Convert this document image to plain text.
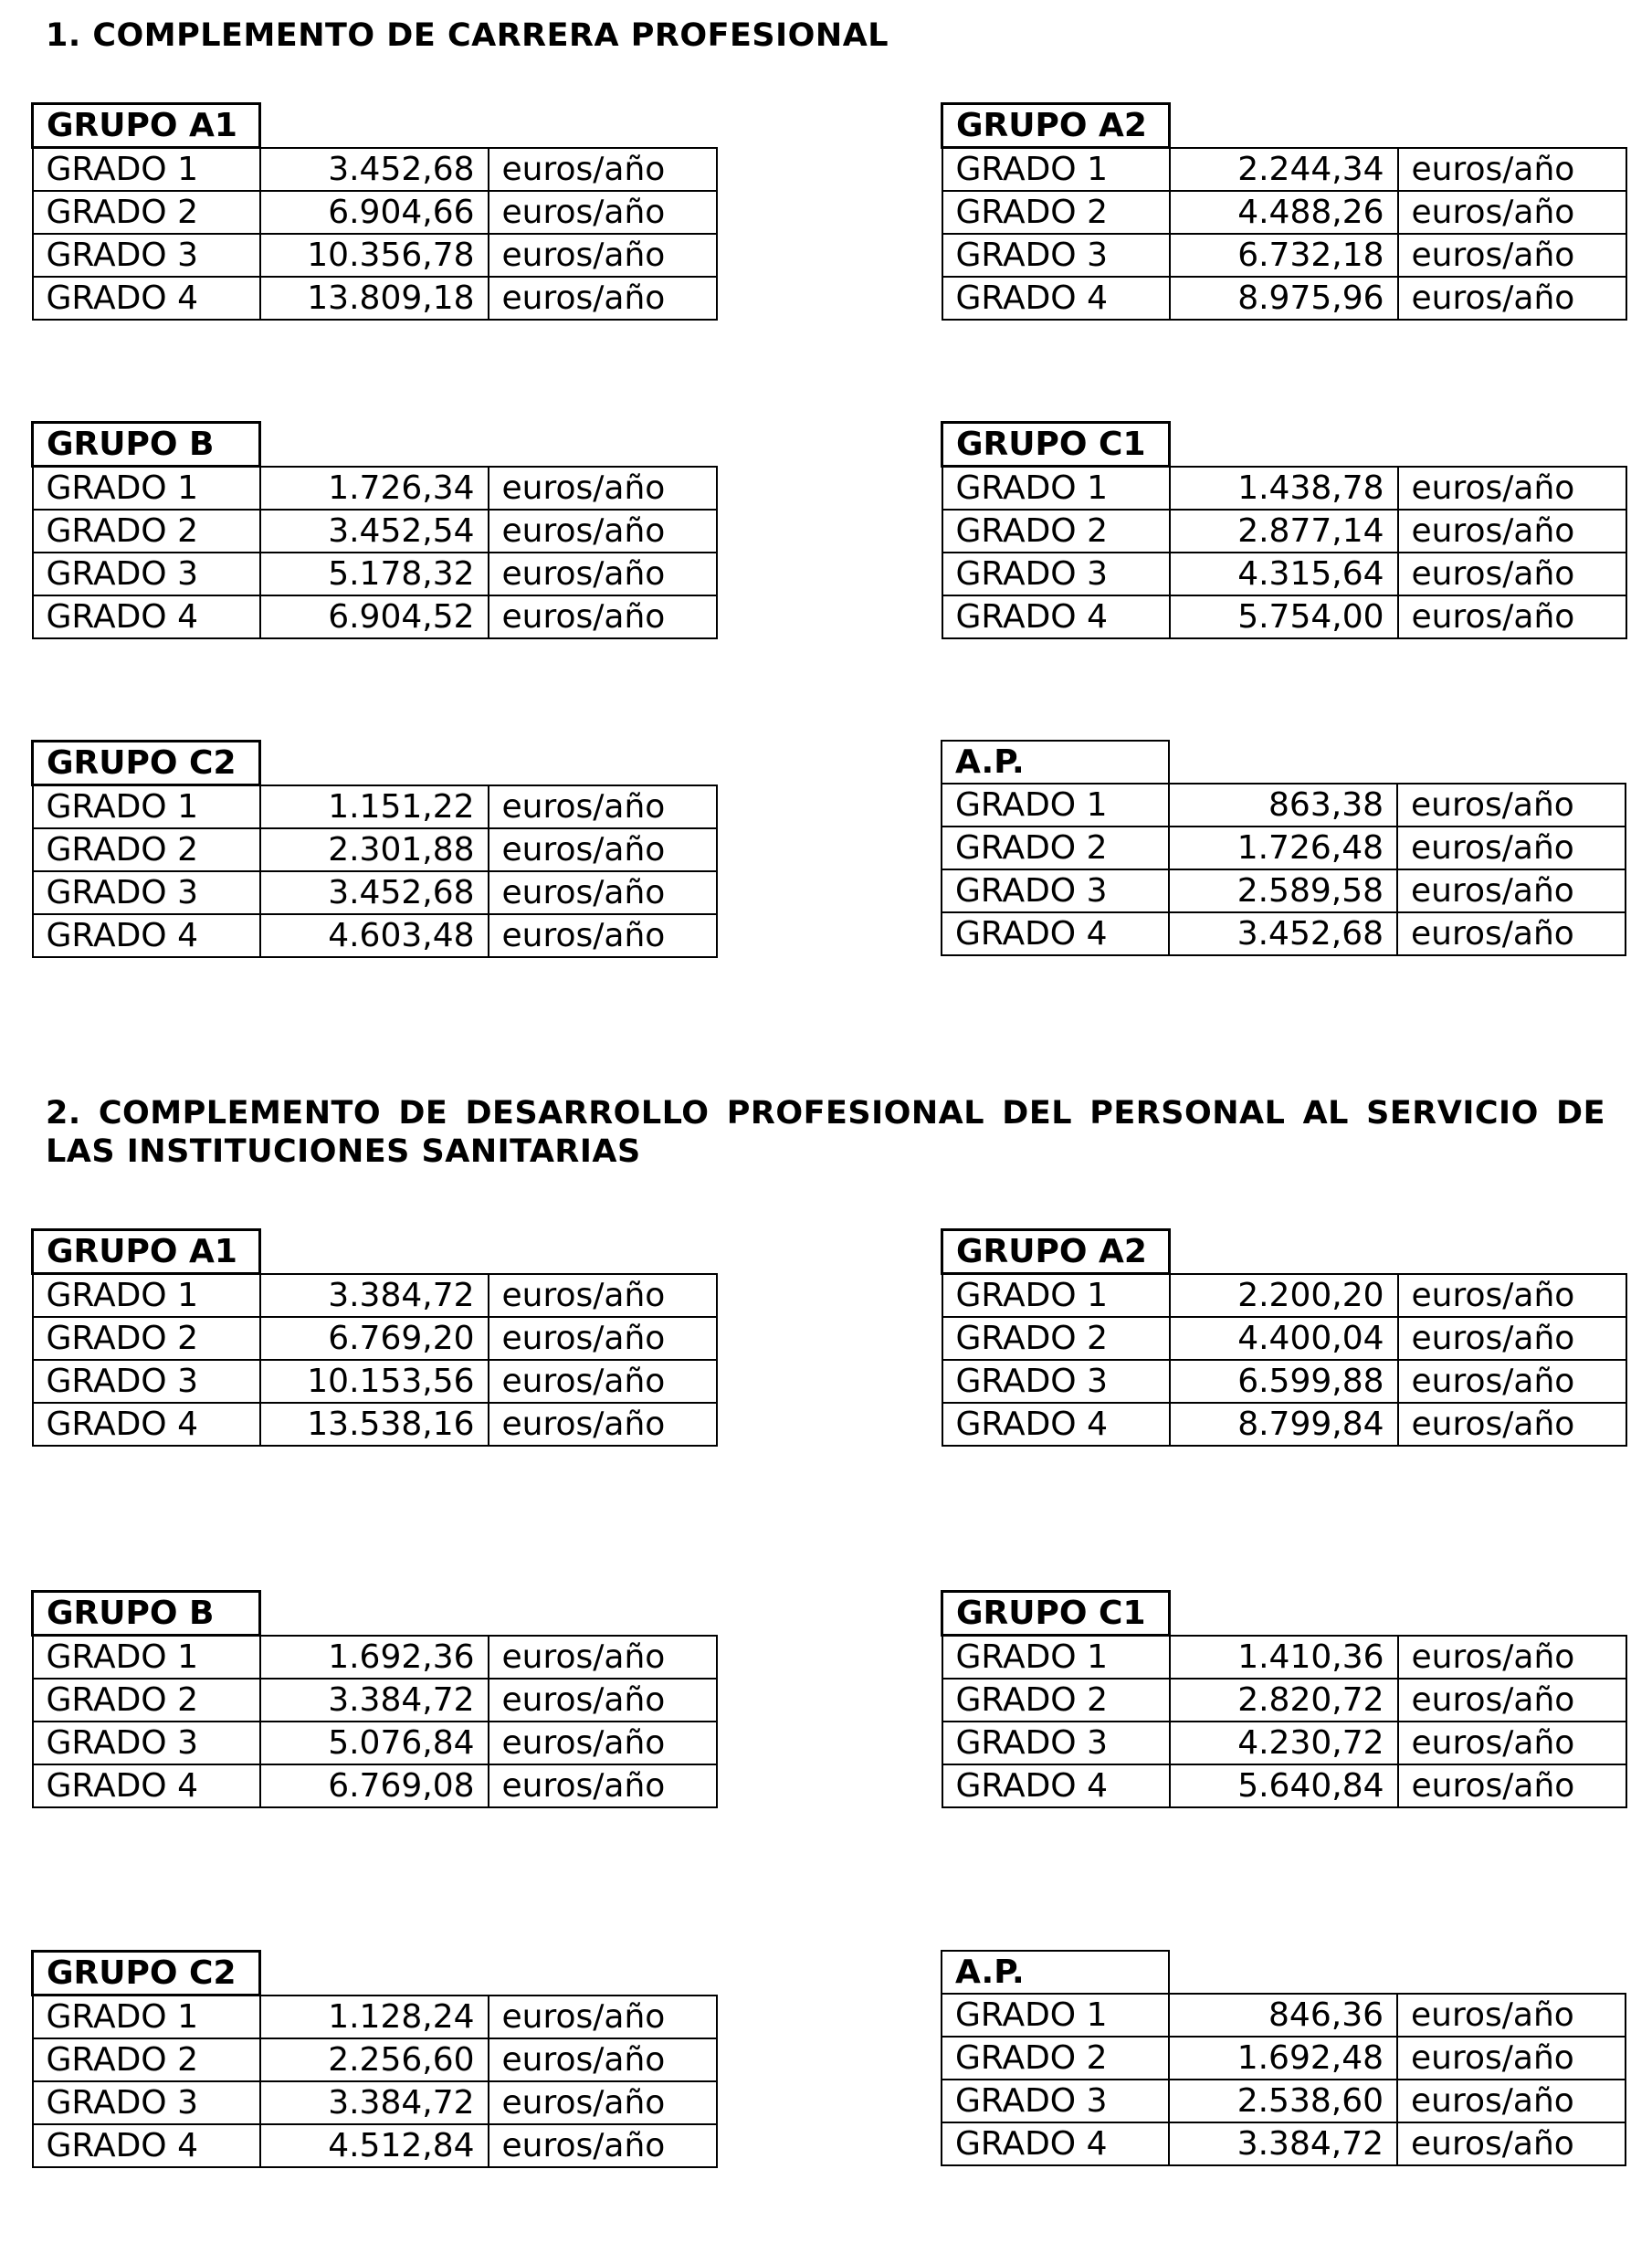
1. COMPLEMENTO DE CARRERA PROFESIONAL
2. COMPLEMENTO DE DESARROLLO PROFESIONAL DEL PERSONAL AL SERVICIO DE LAS INSTITUCIONES SANITARIAS
GRUPO A1		
GRADO 1	3.452,68	euros/año
GRADO 2	6.904,66	euros/año
GRADO 3	10.356,78	euros/año
GRADO 4	13.809,18	euros/año
GRUPO A2		
GRADO 1	2.244,34	euros/año
GRADO 2	4.488,26	euros/año
GRADO 3	6.732,18	euros/año
GRADO 4	8.975,96	euros/año
GRUPO B		
GRADO 1	1.726,34	euros/año
GRADO 2	3.452,54	euros/año
GRADO 3	5.178,32	euros/año
GRADO 4	6.904,52	euros/año
GRUPO C1		
GRADO 1	1.438,78	euros/año
GRADO 2	2.877,14	euros/año
GRADO 3	4.315,64	euros/año
GRADO 4	5.754,00	euros/año
GRUPO C2		
GRADO 1	1.151,22	euros/año
GRADO 2	2.301,88	euros/año
GRADO 3	3.452,68	euros/año
GRADO 4	4.603,48	euros/año
A.P.		
GRADO 1	863,38	euros/año
GRADO 2	1.726,48	euros/año
GRADO 3	2.589,58	euros/año
GRADO 4	3.452,68	euros/año
GRUPO A1		
GRADO 1	3.384,72	euros/año
GRADO 2	6.769,20	euros/año
GRADO 3	10.153,56	euros/año
GRADO 4	13.538,16	euros/año
GRUPO A2		
GRADO 1	2.200,20	euros/año
GRADO 2	4.400,04	euros/año
GRADO 3	6.599,88	euros/año
GRADO 4	8.799,84	euros/año
GRUPO B		
GRADO 1	1.692,36	euros/año
GRADO 2	3.384,72	euros/año
GRADO 3	5.076,84	euros/año
GRADO 4	6.769,08	euros/año
GRUPO C1		
GRADO 1	1.410,36	euros/año
GRADO 2	2.820,72	euros/año
GRADO 3	4.230,72	euros/año
GRADO 4	5.640,84	euros/año
GRUPO C2		
GRADO 1	1.128,24	euros/año
GRADO 2	2.256,60	euros/año
GRADO 3	3.384,72	euros/año
GRADO 4	4.512,84	euros/año
A.P.		
GRADO 1	846,36	euros/año
GRADO 2	1.692,48	euros/año
GRADO 3	2.538,60	euros/año
GRADO 4	3.384,72	euros/año
